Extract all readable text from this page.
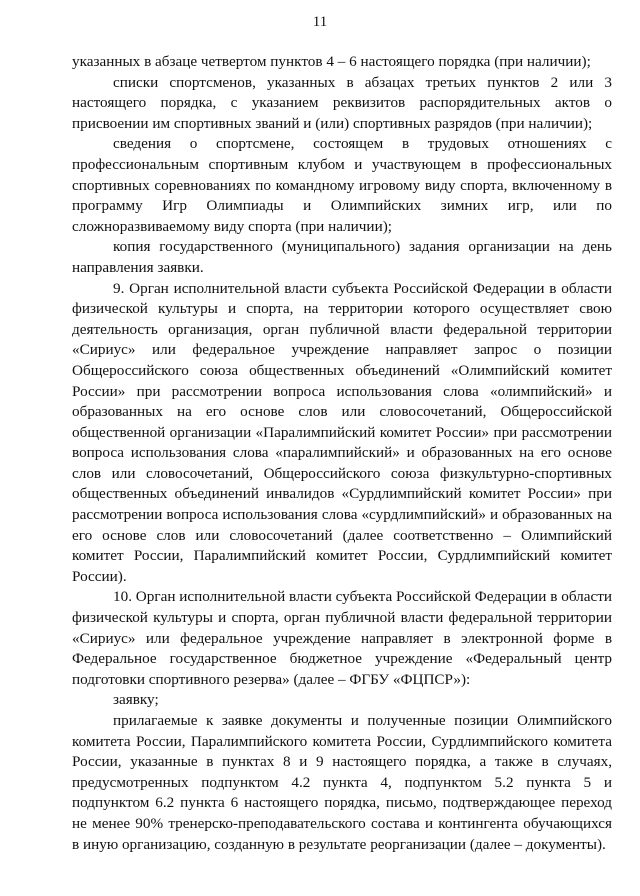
11

указанных в абзаце четвертом пунктов 4 – 6 настоящего порядка (при наличии);

списки спортсменов, указанных в абзацах третьих пунктов 2 или 3 настоящего порядка, с указанием реквизитов распорядительных актов о присвоении им спортивных званий и (или) спортивных разрядов (при наличии);

сведения о спортсмене, состоящем в трудовых отношениях с профессиональным спортивным клубом и участвующем в профессиональных спортивных соревнованиях по командному игровому виду спорта, включенному в программу Игр Олимпиады и Олимпийских зимних игр, или по сложноразвиваемому виду спорта (при наличии);

копия государственного (муниципального) задания организации на день направления заявки.

9. Орган исполнительной власти субъекта Российской Федерации в области физической культуры и спорта, на территории которого осуществляет свою деятельность организация, орган публичной власти федеральной территории «Сириус» или федеральное учреждение направляет запрос о позиции Общероссийского союза общественных объединений «Олимпийский комитет России» при рассмотрении вопроса использования слова «олимпийский» и образованных на его основе слов или словосочетаний, Общероссийской общественной организации «Паралимпийский комитет России» при рассмотрении вопроса использования слова «паралимпийский» и образованных на его основе слов или словосочетаний, Общероссийского союза физкультурно-спортивных общественных объединений инвалидов «Сурдлимпийский комитет России» при рассмотрении вопроса использования слова «сурдлимпийский» и образованных на его основе слов или словосочетаний (далее соответственно – Олимпийский комитет России, Паралимпийский комитет России, Сурдлимпийский комитет России).

10. Орган исполнительной власти субъекта Российской Федерации в области физической культуры и спорта, орган публичной власти федеральной территории «Сириус» или федеральное учреждение направляет в электронной форме в Федеральное государственное бюджетное учреждение «Федеральный центр подготовки спортивного резерва» (далее – ФГБУ «ФЦПСР»):

заявку;

прилагаемые к заявке документы и полученные позиции Олимпийского комитета России, Паралимпийского комитета России, Сурдлимпийского комитета России, указанные в пунктах 8 и 9 настоящего порядка, а также в случаях, предусмотренных подпунктом 4.2 пункта 4, подпунктом 5.2 пункта 5 и подпунктом 6.2 пункта 6 настоящего порядка, письмо, подтверждающее переход не менее 90% тренерско-преподавательского состава и контингента обучающихся в иную организацию, созданную в результате реорганизации (далее – документы).
